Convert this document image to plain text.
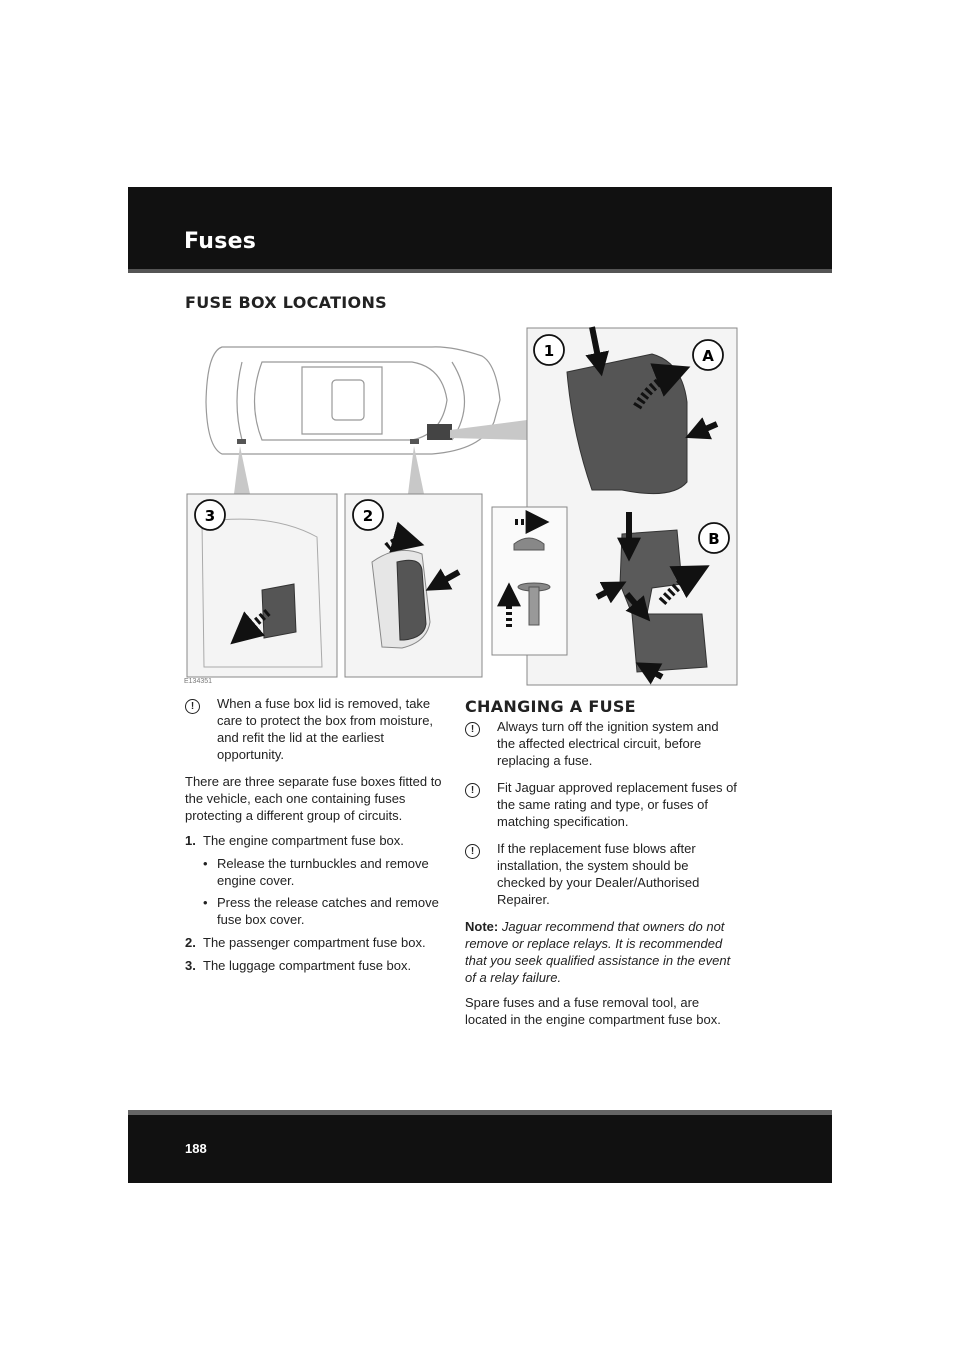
Fuses
FUSE BOX LOCATIONS
1	A
B
2
3
E134351
!	When a fuse box lid is removed, take care to protect the box from moisture, and refit the lid at the earliest opportunity.

There are three separate fuse boxes fitted to the vehicle, each one containing fuses protecting a different group of circuits.

1. The engine compartment fuse box.
• Release the turnbuckles and remove engine cover.
• Press the release catches and remove fuse box cover.
2. The passenger compartment fuse box.
3. The luggage compartment fuse box.
CHANGING A FUSE
!	Always turn off the ignition system and the affected electrical circuit, before replacing a fuse.
!	Fit Jaguar approved replacement fuses of the same rating and type, or fuses of matching specification.
!	If the replacement fuse blows after installation, the system should be checked by your Dealer/Authorised Repairer.

Note: Jaguar recommend that owners do not remove or replace relays. It is recommended that you seek qualified assistance in the event of a relay failure.

Spare fuses and a fuse removal tool, are located in the engine compartment fuse box.

188
